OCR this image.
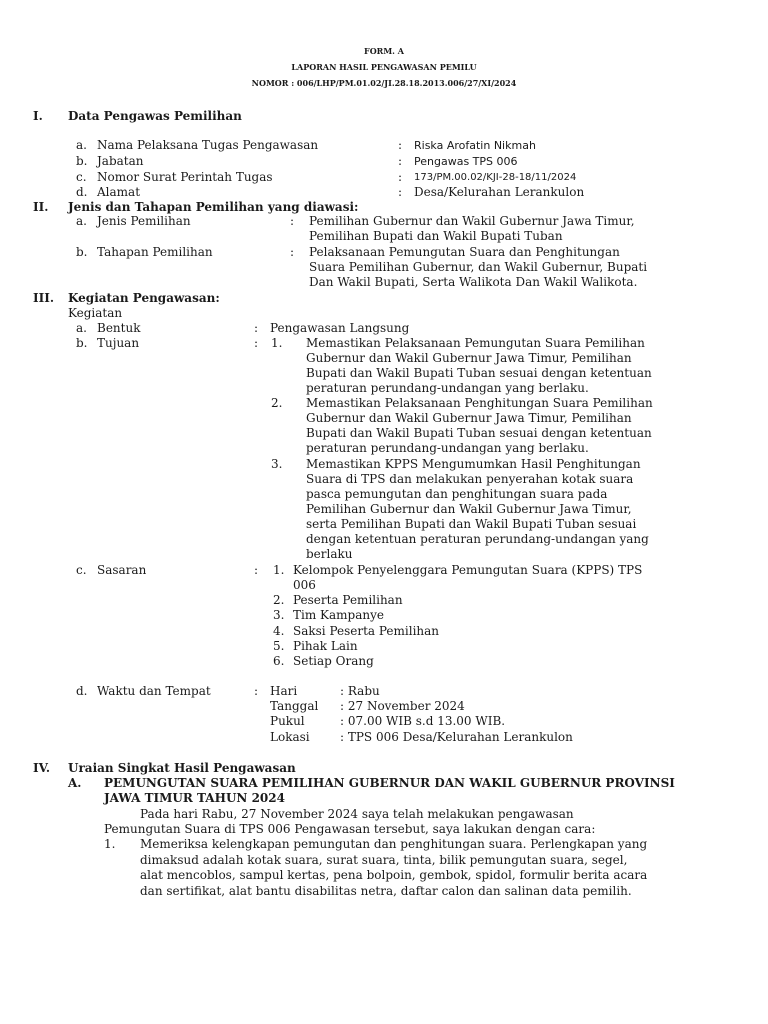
FORM. A
LAPORAN HASIL PENGAWASAN PEMILU
NOMOR : 006/LHP/PM.01.02/JI.28.18.2013.006/27/XI/2024
I. Data Pengawas Pemilihan
a. Nama Pelaksana Tugas Pengawasan	: Riska Arofatin Nikmah
b. Jabatan	: Pengawas TPS 006
c. Nomor Surat Perintah Tugas	: 173/PM.00.02/KJI-28-18/11/2024
d. Alamat	: Desa/Kelurahan Lerankulon
II. Jenis dan Tahapan Pemilihan yang diawasi:
a. Jenis Pemilihan	: Pemilihan Gubernur dan Wakil Gubernur Jawa Timur,
Pemilihan Bupati dan Wakil Bupati Tuban
b. Tahapan Pemilihan	: Pelaksanaan Pemungutan Suara dan Penghitungan
Suara Pemilihan Gubernur, dan Wakil Gubernur, Bupati
Dan Wakil Bupati, Serta Walikota Dan Wakil Walikota.
III. Kegiatan Pengawasan:
Kegiatan
a. Bentuk	: Pengawasan Langsung
b. Tujuan	: 1. Memastikan Pelaksanaan Pemungutan Suara Pemilihan
Gubernur dan Wakil Gubernur Jawa Timur, Pemilihan
Bupati dan Wakil Bupati Tuban sesuai dengan ketentuan
peraturan perundang-undangan yang berlaku.
2. Memastikan Pelaksanaan Penghitungan Suara Pemilihan
Gubernur dan Wakil Gubernur Jawa Timur, Pemilihan
Bupati dan Wakil Bupati Tuban sesuai dengan ketentuan
peraturan perundang-undangan yang berlaku.
3. Memastikan KPPS Mengumumkan Hasil Penghitungan
Suara di TPS dan melakukan penyerahan kotak suara
pasca pemungutan dan penghitungan suara pada
Pemilihan Gubernur dan Wakil Gubernur Jawa Timur,
serta Pemilihan Bupati dan Wakil Bupati Tuban sesuai
dengan ketentuan peraturan perundang-undangan yang
berlaku
c. Sasaran	: 1. Kelompok Penyelenggara Pemungutan Suara (KPPS) TPS
006
2. Peserta Pemilihan
3. Tim Kampanye
4. Saksi Peserta Pemilihan
5. Pihak Lain
6. Setiap Orang
d. Waktu dan Tempat	: Hari	: Rabu
Tanggal : 27 November 2024
Pukul	: 07.00 WIB s.d 13.00 WIB.
Lokasi	: TPS 006 Desa/Kelurahan Lerankulon
IV. Uraian Singkat Hasil Pengawasan
A. PEMUNGUTAN SUARA PEMILIHAN GUBERNUR DAN WAKIL GUBERNUR PROVINSI
JAWA TIMUR TAHUN 2024
Pada hari Rabu, 27 November 2024 saya telah melakukan pengawasan
Pemungutan Suara di TPS 006 Pengawasan tersebut, saya lakukan dengan cara:
1. Memeriksa kelengkapan pemungutan dan penghitungan suara. Perlengkapan yang
dimaksud adalah kotak suara, surat suara, tinta, bilik pemungutan suara, segel,
alat mencoblos, sampul kertas, pena bolpoin, gembok, spidol, formulir berita acara
dan sertifikat, alat bantu disabilitas netra, daftar calon dan salinan data pemilih.
